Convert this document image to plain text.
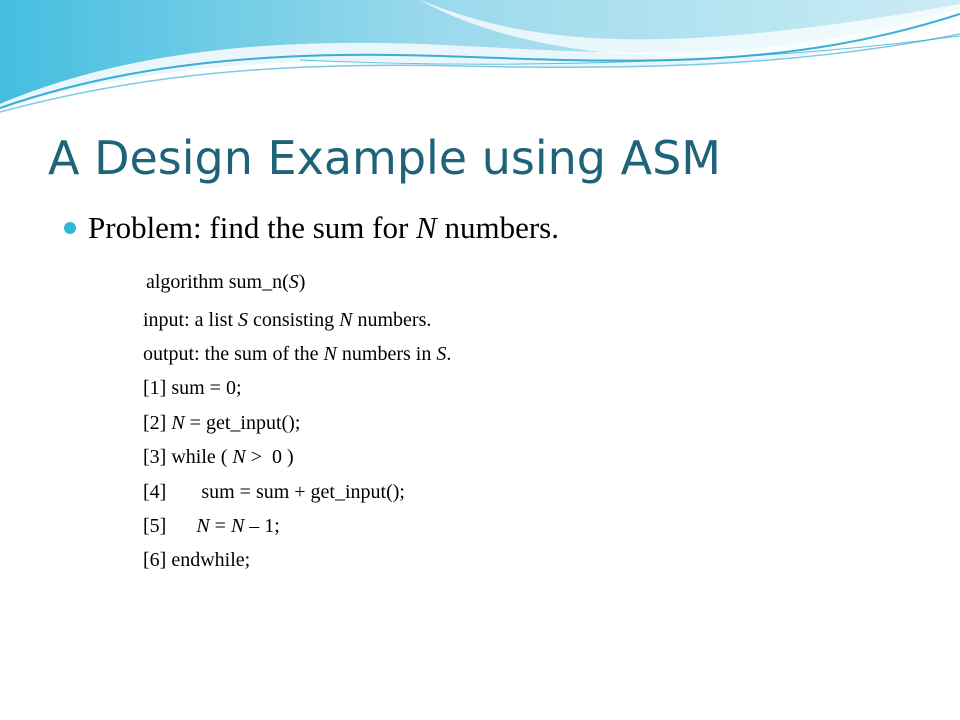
A Design Example using ASM
Problem: find the sum for N numbers.
algorithm sum_n(S)
input: a list S consisting N numbers.
output: the sum of the N numbers in S.
[1] sum = 0;
[2] N = get_input();
[3] while ( N >  0 )
[4]       sum = sum + get_input();
[5]      N = N – 1;
[6] endwhile;
